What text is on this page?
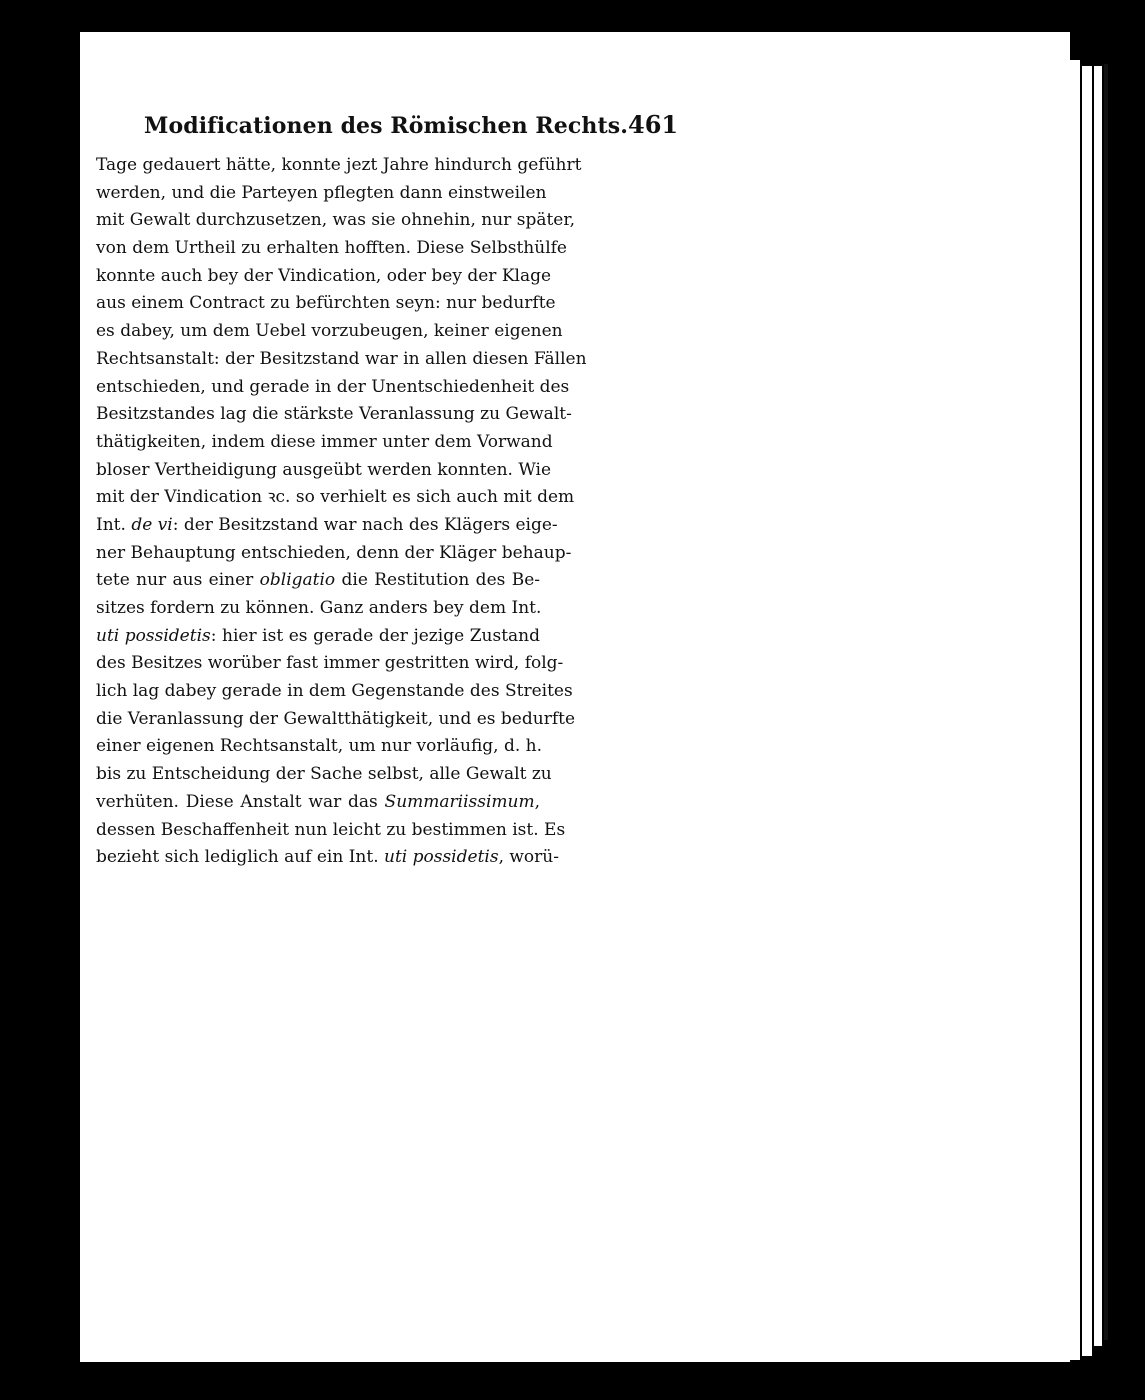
Modificationen des Römischen Rechts. 461
Tage gedauert hätte, konnte jezt Jahre hindurch geführt
werden, und die Parteyen pflegten dann einstweilen
mit Gewalt durchzusetzen, was sie ohnehin, nur später,
von dem Urtheil zu erhalten hofften. Diese Selbsthülfe
konnte auch bey der Vindication, oder bey der Klage
aus einem Contract zu befürchten seyn: nur bedurfte
es dabey, um dem Uebel vorzubeugen, keiner eigenen
Rechtsanstalt: der Besitzstand war in allen diesen Fällen
entschieden, und gerade in der Unentschiedenheit des
Besitzstandes lag die stärkste Veranlassung zu Gewalt-
thätigkeiten, indem diese immer unter dem Vorwand
bloser Vertheidigung ausgeübt werden konnten. Wie
mit der Vindication ꝛc. so verhielt es sich auch mit dem
Int. de vi: der Besitzstand war nach des Klägers eige-
ner Behauptung entschieden, denn der Kläger behaup-
tete nur aus einer obligatio die Restitution des Be-
sitzes fordern zu können. Ganz anders bey dem Int.
uti possidetis: hier ist es gerade der jezige Zustand
des Besitzes worüber fast immer gestritten wird, folg-
lich lag dabey gerade in dem Gegenstande des Streites
die Veranlassung der Gewaltthätigkeit, und es bedurfte
einer eigenen Rechtsanstalt, um nur vorläufig, d. h.
bis zu Entscheidung der Sache selbst, alle Gewalt zu
verhüten. Diese Anstalt war das Summariissimum,
dessen Beschaffenheit nun leicht zu bestimmen ist. Es
bezieht sich lediglich auf ein Int. uti possidetis, worü-
